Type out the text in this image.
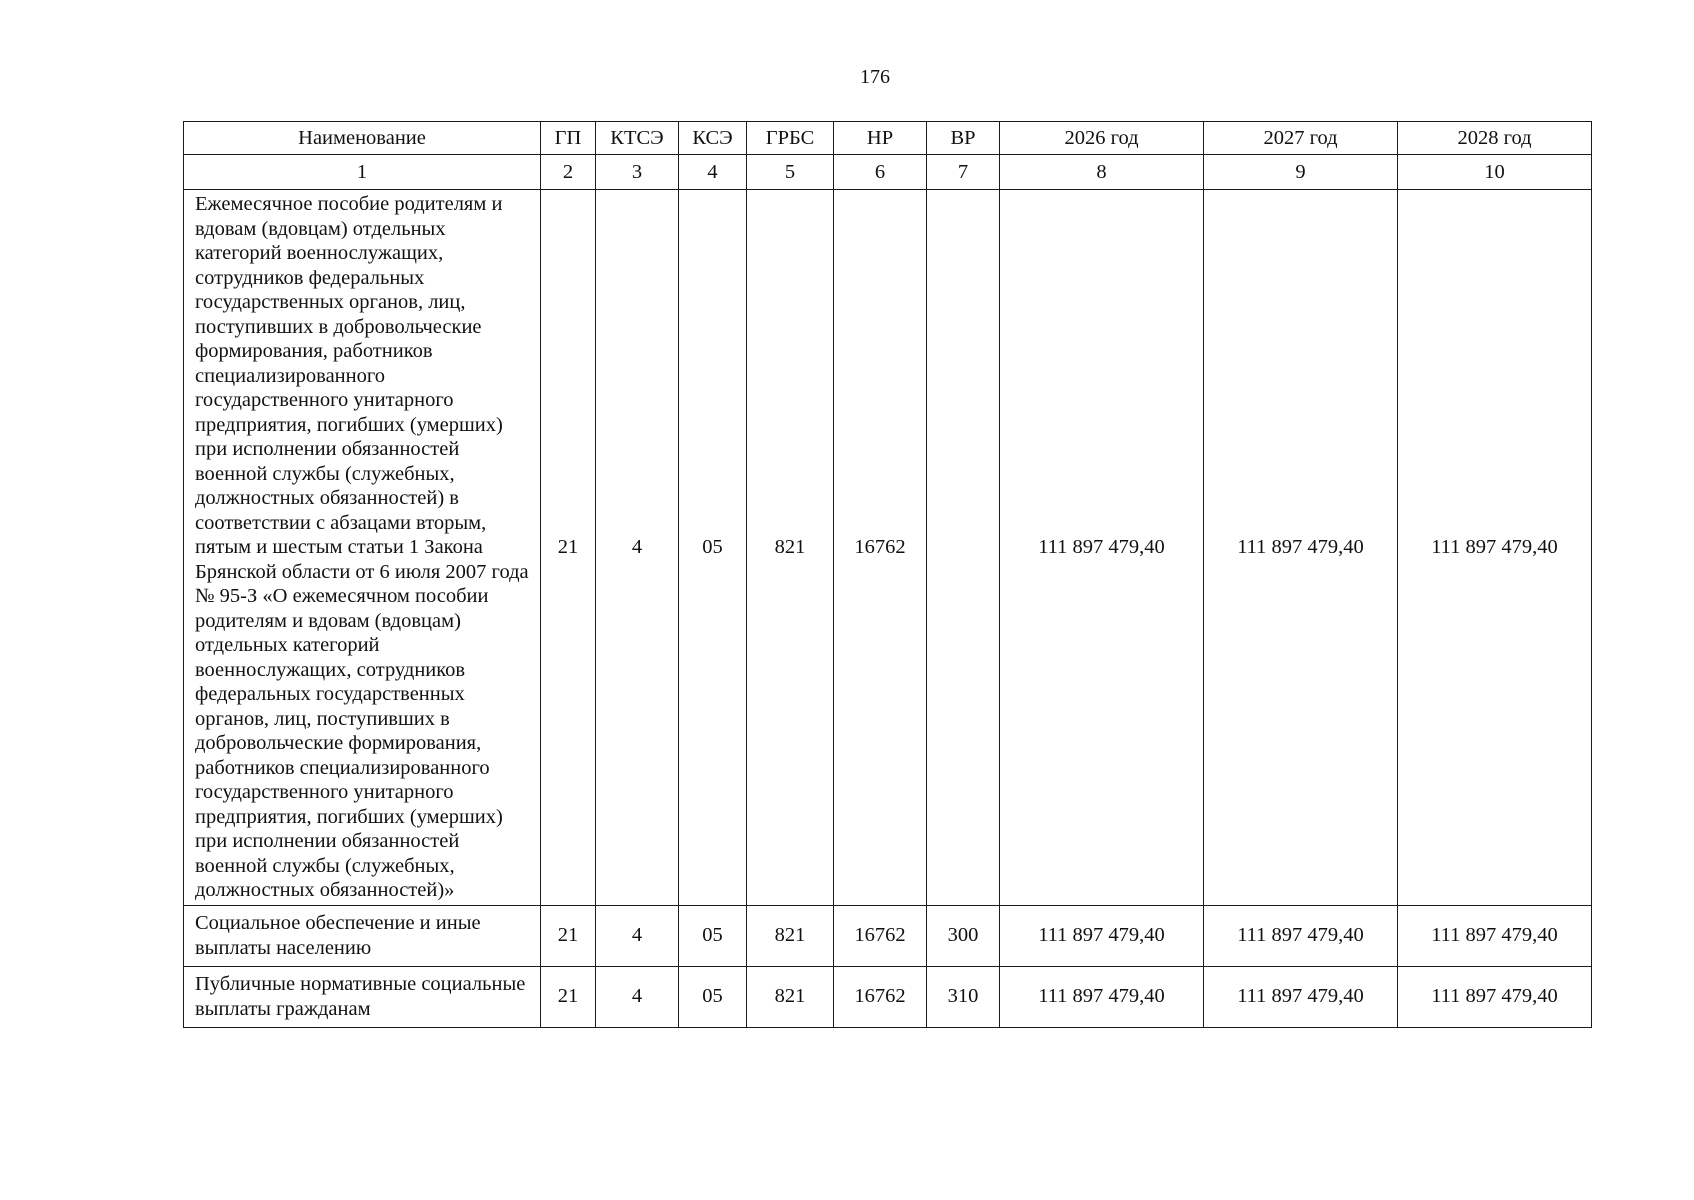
176
Наименование	ГП	КТСЭ	КСЭ	ГРБС	НР	ВР	2026 год	2027 год	2028 год
1	2	3	4	5	6	7	8	9	10
Ежемесячное пособие родителям и вдовам (вдовцам) отдельных категорий военнослужащих, сотрудников федеральных государственных органов, лиц, поступивших в добровольческие формирования, работников специализированного государственного унитарного предприятия, погибших (умерших) при исполнении обязанностей военной службы (служебных, должностных обязанностей) в соответствии с абзацами вторым, пятым и шестым статьи 1 Закона Брянской области от 6 июля 2007 года № 95-З «О ежемесячном пособии родителям и вдовам (вдовцам) отдельных категорий военнослужащих, сотрудников федеральных государственных органов, лиц, поступивших в добровольческие формирования, работников специализированного государственного унитарного предприятия, погибших (умерших) при исполнении обязанностей военной службы (служебных, должностных обязанностей)»	21	4	05	821	16762		111 897 479,40	111 897 479,40	111 897 479,40
Социальное обеспечение и иные выплаты населению	21	4	05	821	16762	300	111 897 479,40	111 897 479,40	111 897 479,40
Публичные нормативные социальные выплаты гражданам	21	4	05	821	16762	310	111 897 479,40	111 897 479,40	111 897 479,40
